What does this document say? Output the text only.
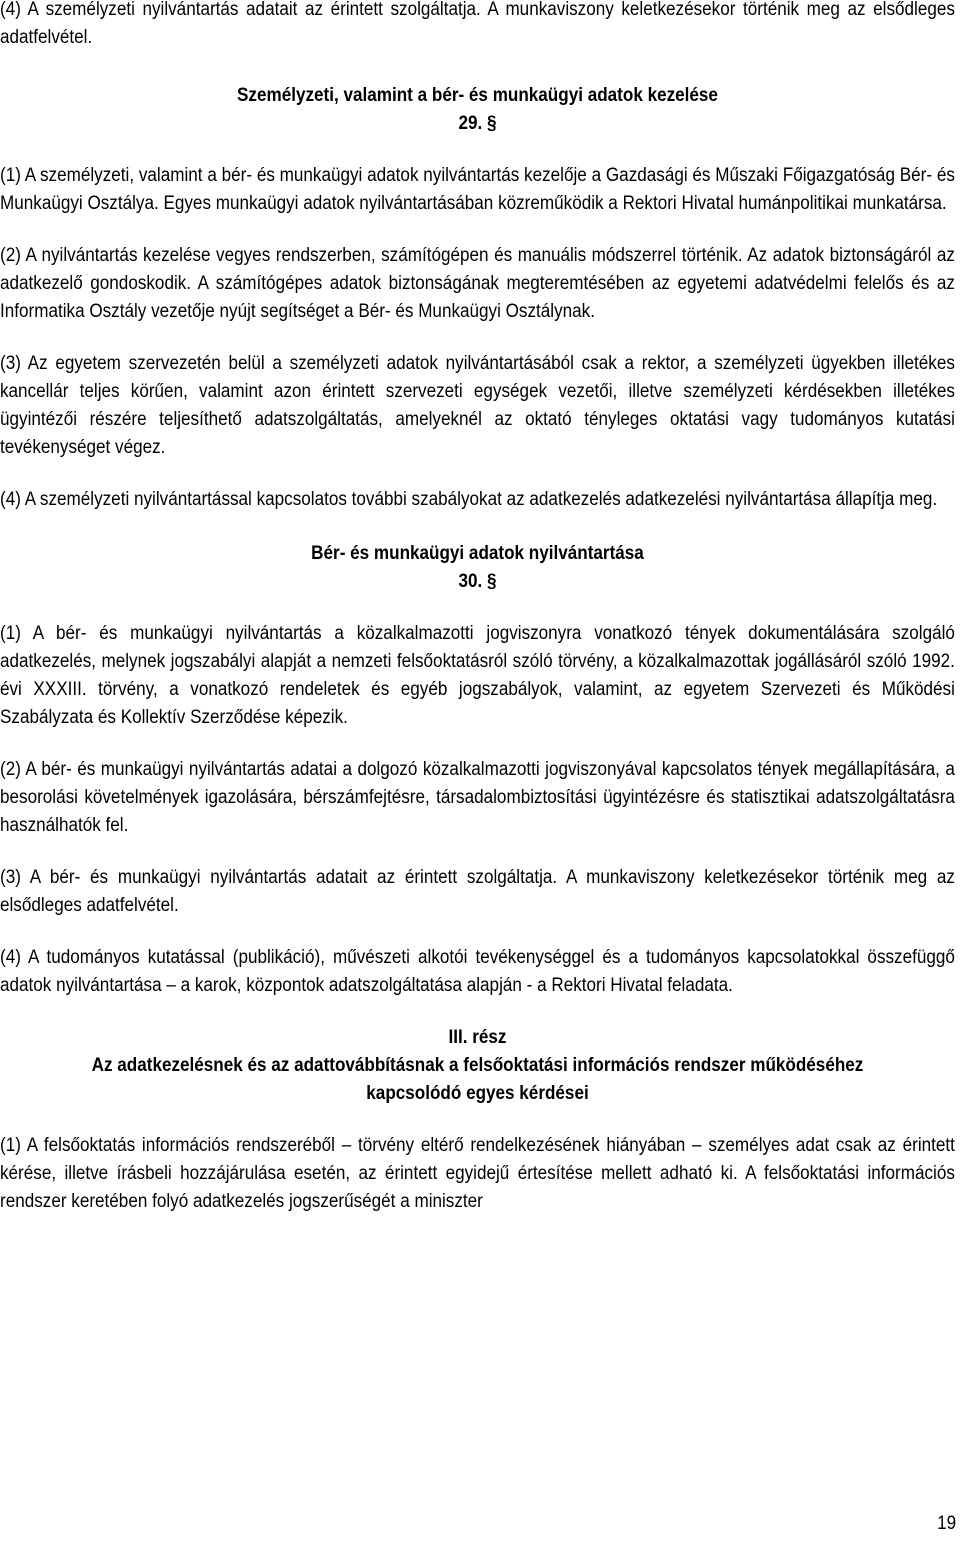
(4) A személyzeti nyilvántartás adatait az érintett szolgáltatja. A munkaviszony keletkezésekor történik meg az elsődleges adatfelvétel.

Személyzeti, valamint a bér- és munkaügyi adatok kezelése

29. §

(1) A személyzeti, valamint a bér- és munkaügyi adatok nyilvántartás kezelője a Gazdasági és Műszaki Főigazgatóság Bér- és Munkaügyi Osztálya. Egyes munkaügyi adatok nyilvántartásában közreműködik a Rektori Hivatal humánpolitikai munkatársa.

(2) A nyilvántartás kezelése vegyes rendszerben, számítógépen és manuális módszerrel történik. Az adatok biztonságáról az adatkezelő gondoskodik. A számítógépes adatok biztonságának megteremtésében az egyetemi adatvédelmi felelős és az Informatika Osztály vezetője nyújt segítséget a Bér- és Munkaügyi Osztálynak.

(3) Az egyetem szervezetén belül a személyzeti adatok nyilvántartásából csak a rektor, a személyzeti ügyekben illetékes kancellár teljes körűen, valamint azon érintett szervezeti egységek vezetői, illetve személyzeti kérdésekben illetékes ügyintézői részére teljesíthető adatszolgáltatás, amelyeknél az oktató tényleges oktatási vagy tudományos kutatási tevékenységet végez.

(4) A személyzeti nyilvántartással kapcsolatos további szabályokat az adatkezelés adatkezelési nyilvántartása állapítja meg.

Bér- és munkaügyi adatok nyilvántartása

30. §

(1) A bér- és munkaügyi nyilvántartás a közalkalmazotti jogviszonyra vonatkozó tények dokumentálására szolgáló adatkezelés, melynek jogszabályi alapját a nemzeti felsőoktatásról szóló törvény, a közalkalmazottak jogállásáról szóló 1992. évi XXXIII. törvény, a vonatkozó rendeletek és egyéb jogszabályok, valamint, az egyetem Szervezeti és Működési Szabályzata és Kollektív Szerződése képezik.

(2) A bér- és munkaügyi nyilvántartás adatai a dolgozó közalkalmazotti jogviszonyával kapcsolatos tények megállapítására, a besorolási követelmények igazolására, bérszámfejtésre, társadalombiztosítási ügyintézésre és statisztikai adatszolgáltatásra használhatók fel.

(3) A bér- és munkaügyi nyilvántartás adatait az érintett szolgáltatja. A munkaviszony keletkezésekor történik meg az elsődleges adatfelvétel.

(4) A tudományos kutatással (publikáció), művészeti alkotói tevékenységgel és a tudományos kapcsolatokkal összefüggő adatok nyilvántartása – a karok, központok adatszolgáltatása alapján - a Rektori Hivatal feladata.

III. rész

Az adatkezelésnek és az adattovábbításnak a felsőoktatási információs rendszer működéséhez

kapcsolódó egyes kérdései

(1) A felsőoktatás információs rendszeréből – törvény eltérő rendelkezésének hiányában – személyes adat csak az érintett kérése, illetve írásbeli hozzájárulása esetén, az érintett egyidejű értesítése mellett adható ki. A felsőoktatási információs rendszer keretében folyó adatkezelés jogszerűségét a miniszter

19
